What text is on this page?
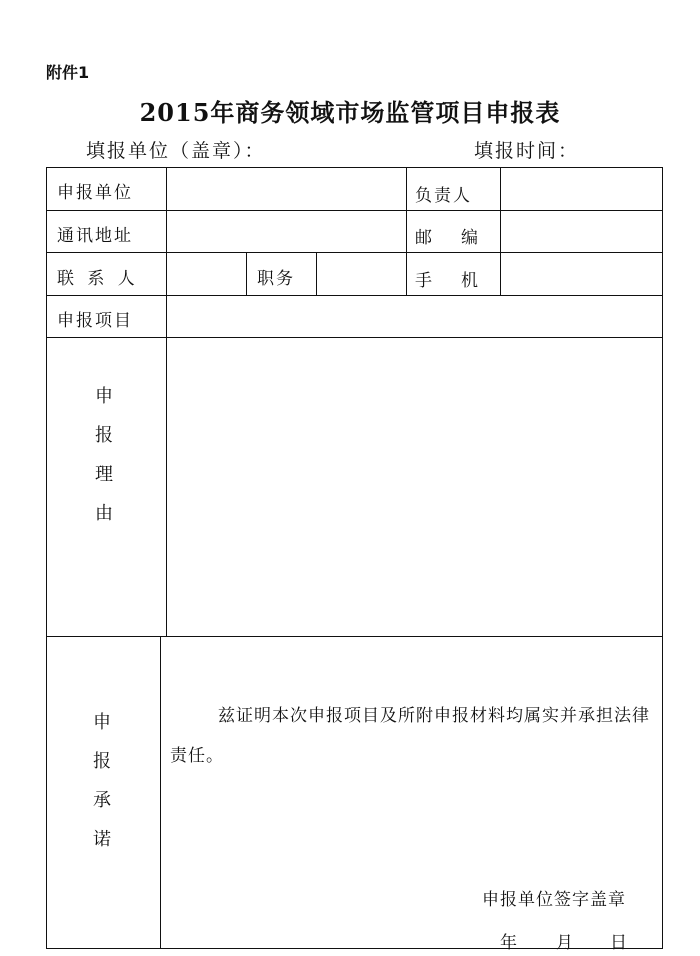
附件1
2015年商务领域市场监管项目申报表
填报单位（盖章）：	填报时间：
申报单位	负责人
通讯地址	邮　编
联 系 人	职务	手　机
申报项目
申
报
理
由
申
报
承
诺
兹证明本次申报项目及所附申报材料均属实并承担法律责任。
申报单位签字盖章
年 月 日
